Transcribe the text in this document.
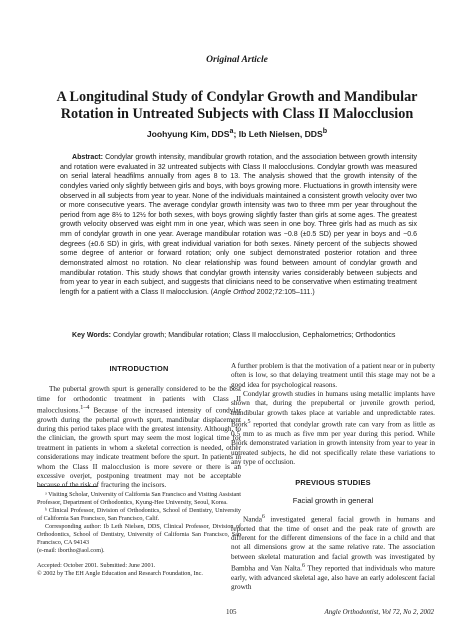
Original Article
A Longitudinal Study of Condylar Growth and Mandibular
Rotation in Untreated Subjects with Class II Malocclusion
Joohyung Kim, DDS$^a$; Ib Leth Nielsen, DDS$^b$

Abstract: Condylar growth intensity, mandibular growth rotation, and the association between growth intensity and rotation were evaluated in 32 untreated subjects with Class II malocclusions. Condylar growth was measured on serial lateral headfilms annually from ages 8 to 13. The analysis showed that the growth intensity of the condyles varied only slightly between girls and boys, with boys growing more. Fluctuations in growth intensity were observed in all subjects from year to year. None of the individuals maintained a consistent growth velocity over two or more consecutive years. The average condylar growth intensity was two to three mm per year throughout the period from age 8½ to 12½ for both sexes, with boys growing slightly faster than girls at some ages. The greatest growth velocity observed was eight mm in one year, which was seen in one boy. Three girls had as much as six mm of condylar growth in one year. Average mandibular rotation was −0.8 (±0.5 SD) per year in boys and −0.6 degrees (±0.6 SD) in girls, with great individual variation for both sexes. Ninety percent of the subjects showed some degree of anterior or forward rotation; only one subject demonstrated posterior rotation and three demonstrated almost no rotation. No clear relationship was found between amount of condylar growth and mandibular rotation. This study shows that condylar growth intensity varies considerably between subjects and from year to year in each subject, and suggests that clinicians need to be conservative when estimating treatment length for a patient with a Class II malocclusion. (Angle Orthod 2002;72:105–111.)

Key Words: Condylar growth; Mandibular rotation; Class II malocclusion, Cephalometrics; Orthodontics

INTRODUCTION

The pubertal growth spurt is generally considered to be the best time for orthodontic treatment in patients with Class II malocclusions.$^{1-4}$ Because of the increased intensity of condylar growth during the pubertal growth spurt, mandibular displacement during this period takes place with the greatest intensity. Although, to the clinician, the growth spurt may seem the most logical time for treatment in patients in whom a skeletal correction is needed, other considerations may indicate treatment before the spurt. In patients in whom the Class II malocclusion is more severe or there is an excessive overjet, postponing treatment may not be acceptable because of the risk of fracturing the incisors.

ᵃ Visiting Scholar, University of California San Francisco and Visiting Assistant Professor, Department of Orthodontics, Kyung-Hee University, Seoul, Korea.

ᵇ Clinical Professor, Division of Orthodontics, School of Dentistry, University of California San Francisco, San Francisco, Calif.

Corresponding author: Ib Leth Nielsen, DDS, Clinical Professor, Division of Orthodontics, School of Dentistry, University of California San Francisco, San Francisco, CA 94143

(e-mail: ibortho@aol.com).

Accepted: October 2001. Submitted: June 2001.

© 2002 by The EH Angle Education and Research Foundation, Inc.

A further problem is that the motivation of a patient near or in puberty often is low, so that delaying treatment until this stage may not be a good idea for psychological reasons.

Condylar growth studies in humans using metallic implants have shown that, during the prepubertal or juvenile growth period, mandibular growth takes place at variable and unpredictable rates. Björk$^5$ reported that condylar growth rate can vary from as little as 0.5 mm to as much as five mm per year during this period. While Björk demonstrated variation in growth intensity from year to year in untreated subjects, he did not specifically relate these variations to any type of occlusion.

PREVIOUS STUDIES
Facial growth in general

Nanda$^6$ investigated general facial growth in humans and reported that the time of onset and the peak rate of growth are different for the different dimensions of the face in a child and that not all dimensions grow at the same relative rate. The association between skeletal maturation and facial growth was investigated by Bambha and Van Nalta.$^6$ They reported that individuals who mature early, with advanced skeletal age, also have an early adolescent facial growth

105	Angle Orthodontist, Vol 72, No 2, 2002
